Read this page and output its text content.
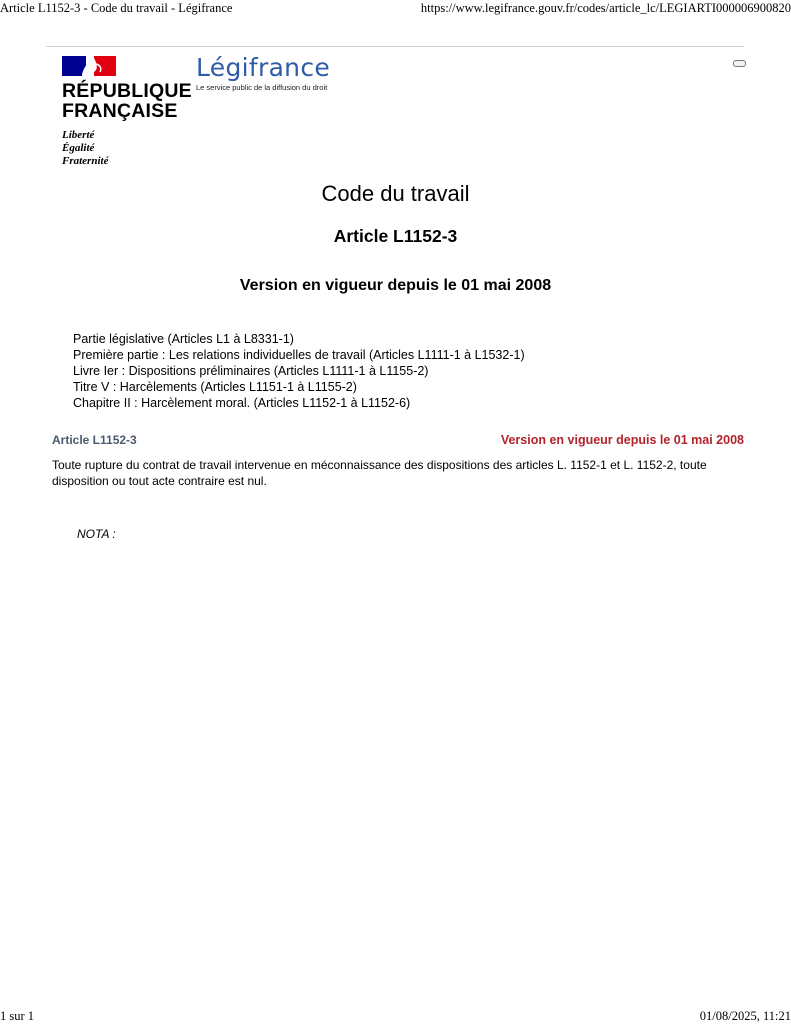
Article L1152-3 - Code du travail - Légifrance	https://www.legifrance.gouv.fr/codes/article_lc/LEGIARTI000006900820
RÉPUBLIQUE
FRANÇAISE
Liberté
Égalité
Fraternité
Légifrance
Le service public de la diffusion du droit
Code du travail
Article L1152-3
Version en vigueur depuis le 01 mai 2008
Partie législative (Articles L1 à L8331-1)
Première partie : Les relations individuelles de travail (Articles L1111-1 à L1532-1)
Livre Ier : Dispositions préliminaires (Articles L1111-1 à L1155-2)
Titre V : Harcèlements (Articles L1151-1 à L1155-2)
Chapitre II : Harcèlement moral. (Articles L1152-1 à L1152-6)
Article L1152-3	Version en vigueur depuis le 01 mai 2008

Toute rupture du contrat de travail intervenue en méconnaissance des dispositions des articles L. 1152-1 et L. 1152-2, toute disposition ou tout acte contraire est nul.

NOTA :
1 sur 1	01/08/2025, 11:21
